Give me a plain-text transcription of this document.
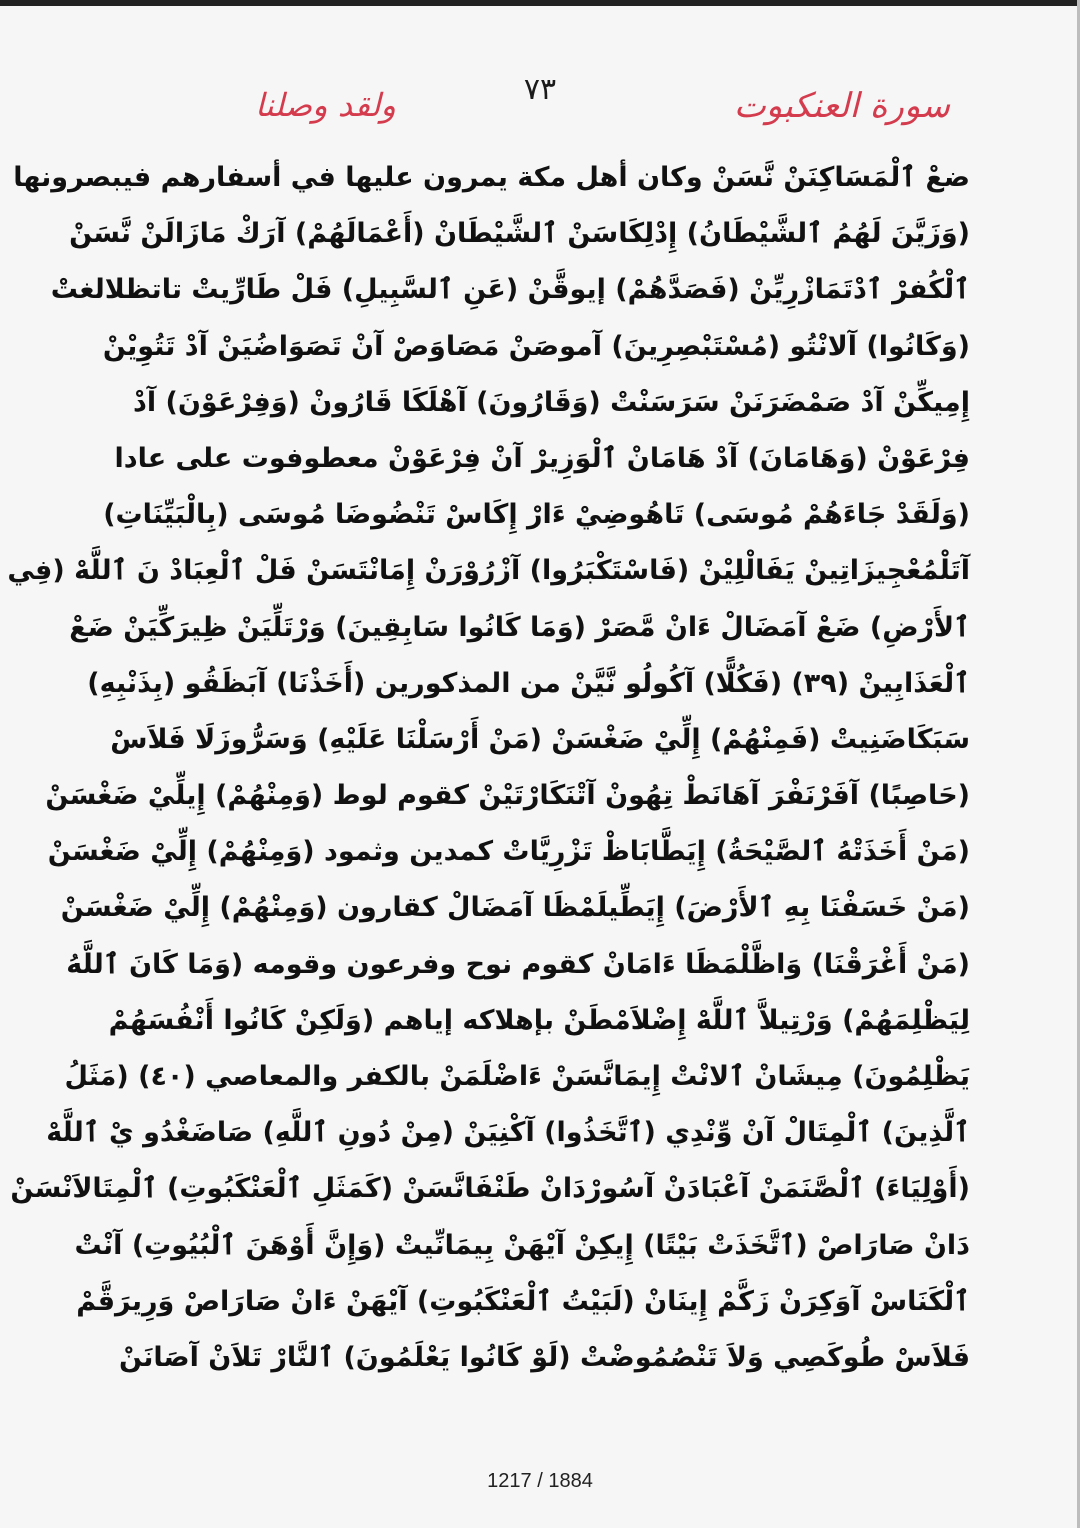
٧٣	سورة العنكبوت
ولقد وصلنا
ضعْ ٱلْمَسَاكِنَنْ نَّسَنْ وكان أهل مكة يمرون عليها في أسفارهم فيبصرونها
(وَزَيَّنَ لَهُمُ ٱلشَّيْطَانُ) إِدْلِكَاسَنْ ٱلشَّيْطَانْ (أَعْمَالَهُمْ) آرَكْ مَازَالَنْ نَّسَنْ
ٱلْكُفرْ ٱدْتَمَازْرِيِّنْ (فَصَدَّهُمْ) إيوقَّنْ (عَنِ ٱلسَّبِيلِ) فَلْ طَارِّيتْ تاتظلالغتْ
(وَكَانُوا) آلانْتُو (مُسْتَبْصِرِينَ) آموصَنْ مَصَاوَصْ آنْ تَصَوَاضُيَنْ آدْ تَتُوِيْنْ
إِمِيكِّنْ آدْ صَمْضَرَنَنْ سَرَسَنْتْ (وَقَارُونَ) آهْلَكَا قَارُونْ (وَفِرْعَوْنَ) آدْ
فِرْعَوْنْ (وَهَامَانَ) آدْ هَامَانْ ٱلْوَزِيرْ آنْ فِرْعَوْنْ معطوفوت على عادا
(وَلَقَدْ جَاءَهُمْ مُوسَى) تَاهُوضِيْ ءَارْ إِكَاسْ تَنْضُوضَا مُوسَى (بِالْبَيِّنَاتِ)
آتَلْمُعْجِيزَاتِينْ يَفَالْلِيْنْ (فَاسْتَكْبَرُوا) آزْرُوْرَنْ إِمَانْتَسَنْ فَلْ ٱلْعِبَادْ نَ ٱللَّهْ (فِي
ٱلأَرْضِ) ضَعْ آمَضَالْ ءَانْ مَّصَرْ (وَمَا كَانُوا سَابِقِينَ) وَرْتَلِّيَنْ ظِيرَكِّيَنْ ضَعْ
ٱلْعَذَابِينْ (٣٩) (فَكُلًّا) آكُولُو نَّيَّنْ من المذكورين (أَخَذْنَا) آبَظَقُو (بِذَنْبِهِ)
سَبَكَاضَنِيتْ (فَمِنْهُمْ) إِلِّيْ ضَغْسَنْ (مَنْ أَرْسَلْنَا عَلَيْهِ) وَسَرُّوزَلَا فَلاَسْ
(حَاصِبًا) آفَرْنَفْرَ آهَانَطْ تِهُونْ آتْنَكَارْتَيْنْ كقوم لوط (وَمِنْهُمْ) إِيلِّيْ ضَغْسَنْ
(مَنْ أَخَذَتْهُ ٱلصَّيْحَةُ) إِيَطَّابَاظْ تَزْرِيَّاتْ كمدين وثمود (وَمِنْهُمْ) إِلِّيْ ضَغْسَنْ
(مَنْ خَسَفْنَا بِهِ ٱلأَرْضَ) إِيَطِّيلَمْظَا آمَضَالْ كقارون (وَمِنْهُمْ) إِلِّيْ ضَغْسَنْ
(مَنْ أَغْرَقْنَا) وَاظَّلْمَظَا ءَامَانْ كقوم نوح وفرعون وقومه (وَمَا كَانَ ٱللَّهُ
لِيَظْلِمَهُمْ) وَرْتِيلاَّ ٱللَّهْ إِضْلاَمْطَنْ بإهلاكه إياهم (وَلَكِنْ كَانُوا أَنْفُسَهُمْ
يَظْلِمُونَ) مِيشَانْ ٱلانْتْ إِيمَانَّسَنْ ءَاضْلَمَنْ بالكفر والمعاصي (٤٠) (مَثَلُ
ٱلَّذِينَ) ٱلْمِتَالْ آنْ وِّنْدِي (ٱتَّخَذُوا) آكْنِيَنْ (مِنْ دُونِ ٱللَّهِ) صَاضَغْدُو يْ ٱللَّهْ
(أَوْلِيَاءَ) ٱلْصَّنَمَنْ آعْبَادَنْ آسُورْدَانْ طَنْفَانَّسَنْ (كَمَثَلِ ٱلْعَنْكَبُوتِ) ٱلْمِتَالاَنْسَنْ
دَانْ صَارَاصْ (ٱتَّخَذَتْ بَيْتًا) إِيكِنْ آيْهَنْ بِيمَانِّيتْ (وَإِنَّ أَوْهَنَ ٱلْبُيُوتِ) آنْتْ
ٱلْكَنَاسْ آوَكِرَنْ زَكَّمْ إِينَانْ (لَبَيْتُ ٱلْعَنْكَبُوتِ) آيْهَنْ ءَانْ صَارَاصْ وَرِيرَقَّمْ
فَلاَسْ طُوكَصِي وَلاَ تَنْصُمُوضْتْ (لَوْ كَانُوا يَعْلَمُونَ) ٱلنَّارْ تَلاَنْ آصَانَنْ
1217 / 1884
